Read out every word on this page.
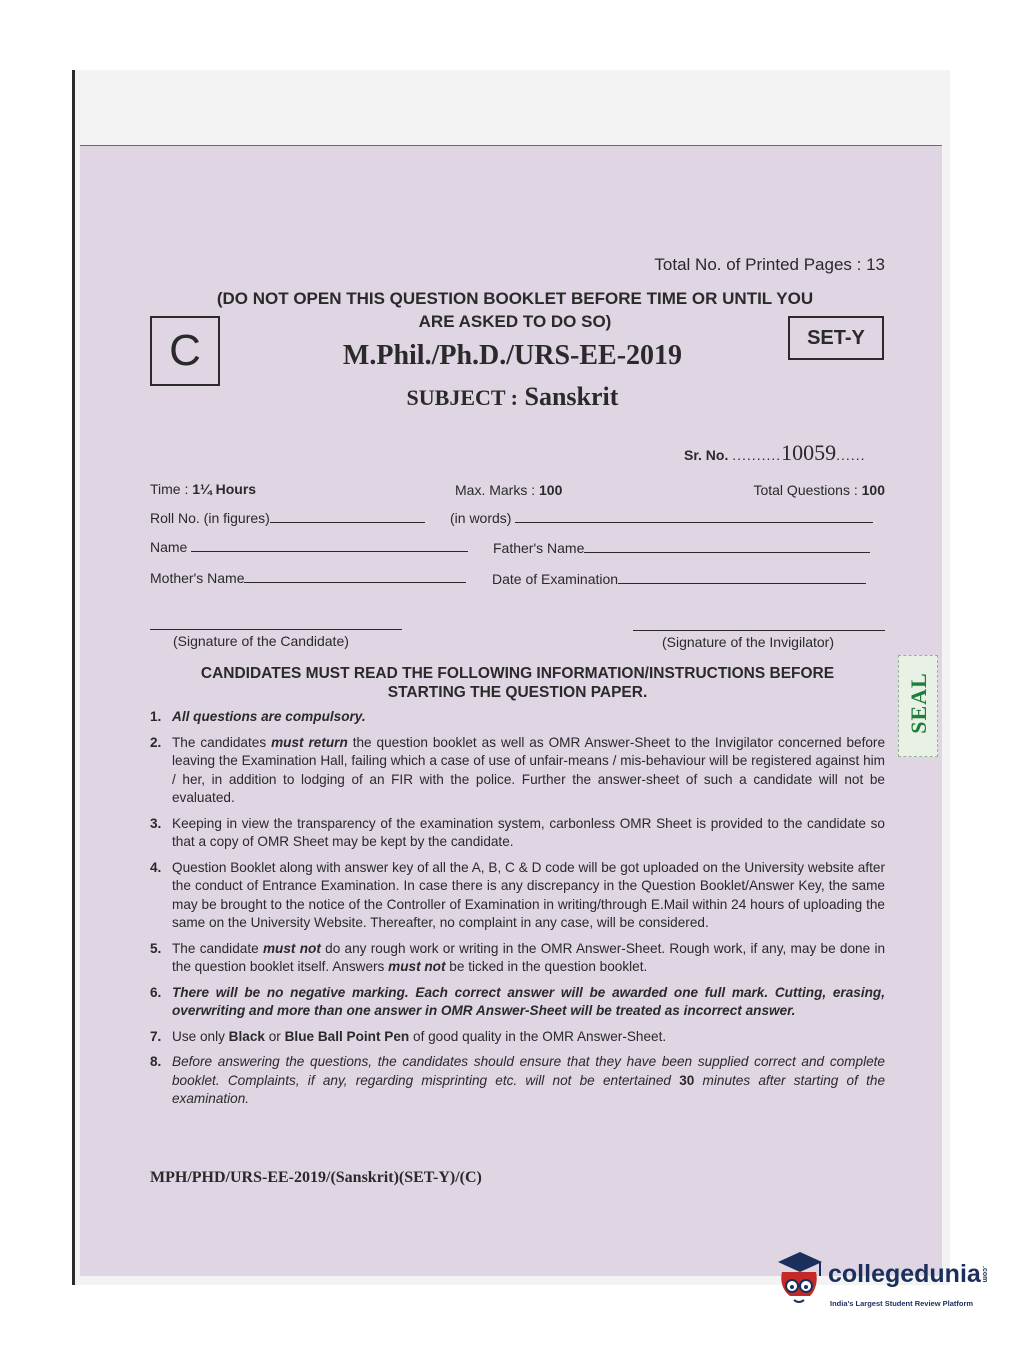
Total No. of Printed Pages : 13
(DO NOT OPEN THIS QUESTION BOOKLET BEFORE TIME OR UNTIL YOU
ARE ASKED TO DO SO)
C	SET-Y
M.Phil./Ph.D./URS-EE-2019
SUBJECT : Sanskrit
Sr. No. ..........10059......
Time : 1¼ Hours	Max. Marks : 100	Total Questions : 100
Roll No. (in figures)	(in words)
Name	Father's Name
Mother's Name	Date of Examination
(Signature of the Candidate)	(Signature of the Invigilator)
CANDIDATES MUST READ THE FOLLOWING INFORMATION/INSTRUCTIONS BEFORE
STARTING THE QUESTION PAPER.
1. All questions are compulsory.
2. The candidates must return the question booklet as well as OMR Answer-Sheet to the Invigilator concerned before leaving the Examination Hall, failing which a case of use of unfair-means / mis-behaviour will be registered against him / her, in addition to lodging of an FIR with the police. Further the answer-sheet of such a candidate will not be evaluated.
3. Keeping in view the transparency of the examination system, carbonless OMR Sheet is provided to the candidate so that a copy of OMR Sheet may be kept by the candidate.
4. Question Booklet along with answer key of all the A, B, C & D code will be got uploaded on the University website after the conduct of Entrance Examination. In case there is any discrepancy in the Question Booklet/Answer Key, the same may be brought to the notice of the Controller of Examination in writing/through E.Mail within 24 hours of uploading the same on the University Website. Thereafter, no complaint in any case, will be considered.
5. The candidate must not do any rough work or writing in the OMR Answer-Sheet. Rough work, if any, may be done in the question booklet itself. Answers must not be ticked in the question booklet.
6. There will be no negative marking. Each correct answer will be awarded one full mark. Cutting, erasing, overwriting and more than one answer in OMR Answer-Sheet will be treated as incorrect answer.
7. Use only Black or Blue Ball Point Pen of good quality in the OMR Answer-Sheet.
8. Before answering the questions, the candidates should ensure that they have been supplied correct and complete booklet. Complaints, if any, regarding misprinting etc. will not be entertained 30 minutes after starting of the examination.
MPH/PHD/URS-EE-2019/(Sanskrit)(SET-Y)/(C)
SEAL
collegedunia.com
India's Largest Student Review Platform
